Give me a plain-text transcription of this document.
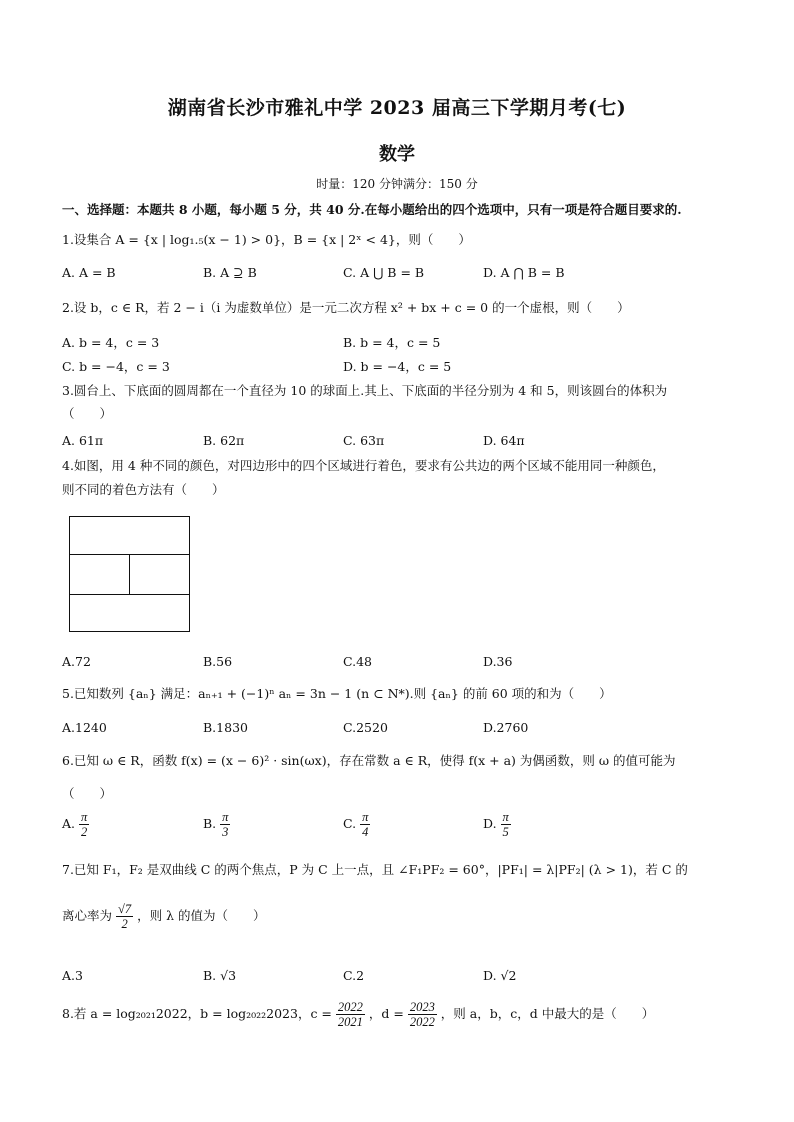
湖南省长沙市雅礼中学 2023 届高三下学期月考(七)
数学
时量：120 分钟满分：150 分
一、选择题：本题共 8 小题，每小题 5 分，共 40 分.在每小题给出的四个选项中，只有一项是符合题目要求的.
1.设集合 A = {x | log₁.₅(x − 1) > 0}，B = {x | 2ˣ < 4}，则（　　）
A. A = B	B. A ⊇ B	C. A ⋃ B = B	D. A ⋂ B = B
2.设 b，c ∈ R，若 2 − i（i 为虚数单位）是一元二次方程 x² + bx + c = 0 的一个虚根，则（　　）
A. b = 4，c = 3	B. b = 4，c = 5
C. b = −4，c = 3	D. b = −4，c = 5
3.圆台上、下底面的圆周都在一个直径为 10 的球面上.其上、下底面的半径分别为 4 和 5，则该圆台的体积为
（　　）
A. 61π	B. 62π	C. 63π	D. 64π
4.如图，用 4 种不同的颜色，对四边形中的四个区域进行着色，要求有公共边的两个区域不能用同一种颜色，
则不同的着色方法有（　　）
A.72	B.56	C.48	D.36
5.已知数列 {aₙ} 满足：aₙ₊₁ + (−1)ⁿ aₙ = 3n − 1 (n ⊂ N*).则 {aₙ} 的前 60 项的和为（　　）
A.1240	B.1830	C.2520	D.2760
6.已知 ω ∈ R，函数 f(x) = (x − 6)² · sin(ωx)，存在常数 a ∈ R，使得 f(x + a) 为偶函数，则 ω 的值可能为
（　　）
A. $\frac{\pi}{2}$	B. $\frac{\pi}{3}$	C. $\frac{\pi}{4}$	D. $\frac{\pi}{5}$
7.已知 F₁，F₂ 是双曲线 C 的两个焦点，P 为 C 上一点，且 ∠F₁PF₂ = 60°，|PF₁| = λ|PF₂| (λ > 1)，若 C 的
离心率为 $\frac{√7}{2}$ ，则 λ 的值为（　　）
A.3	B. √3	C.2	D. √2
8.若 a = log₂₀₂₁2022，b = log₂₀₂₂2023，$c = \frac{2022}{2021}$ ，$d = \frac{2023}{2022}$ ，则 a，b，c，d 中最大的是（　　）
